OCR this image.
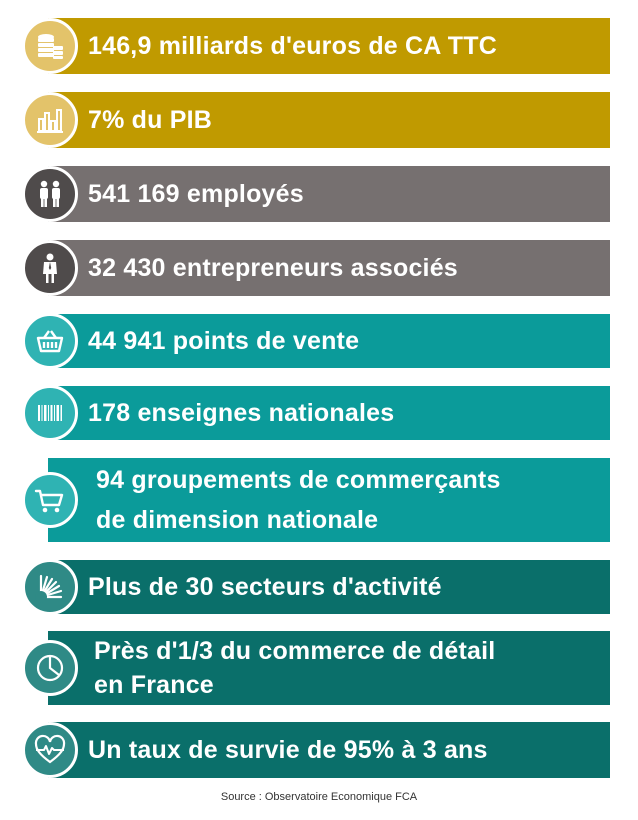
146,9 milliards d'euros de CA TTC
7% du PIB
541 169 employés
32 430 entrepreneurs associés
44 941 points de vente
178 enseignes nationales
94 groupements de commerçants
de dimension nationale
Plus de 30 secteurs d'activité
Près d'1/3 du commerce de détail
en France
Un taux de survie de 95% à 3 ans
Source : Observatoire Economique FCA
